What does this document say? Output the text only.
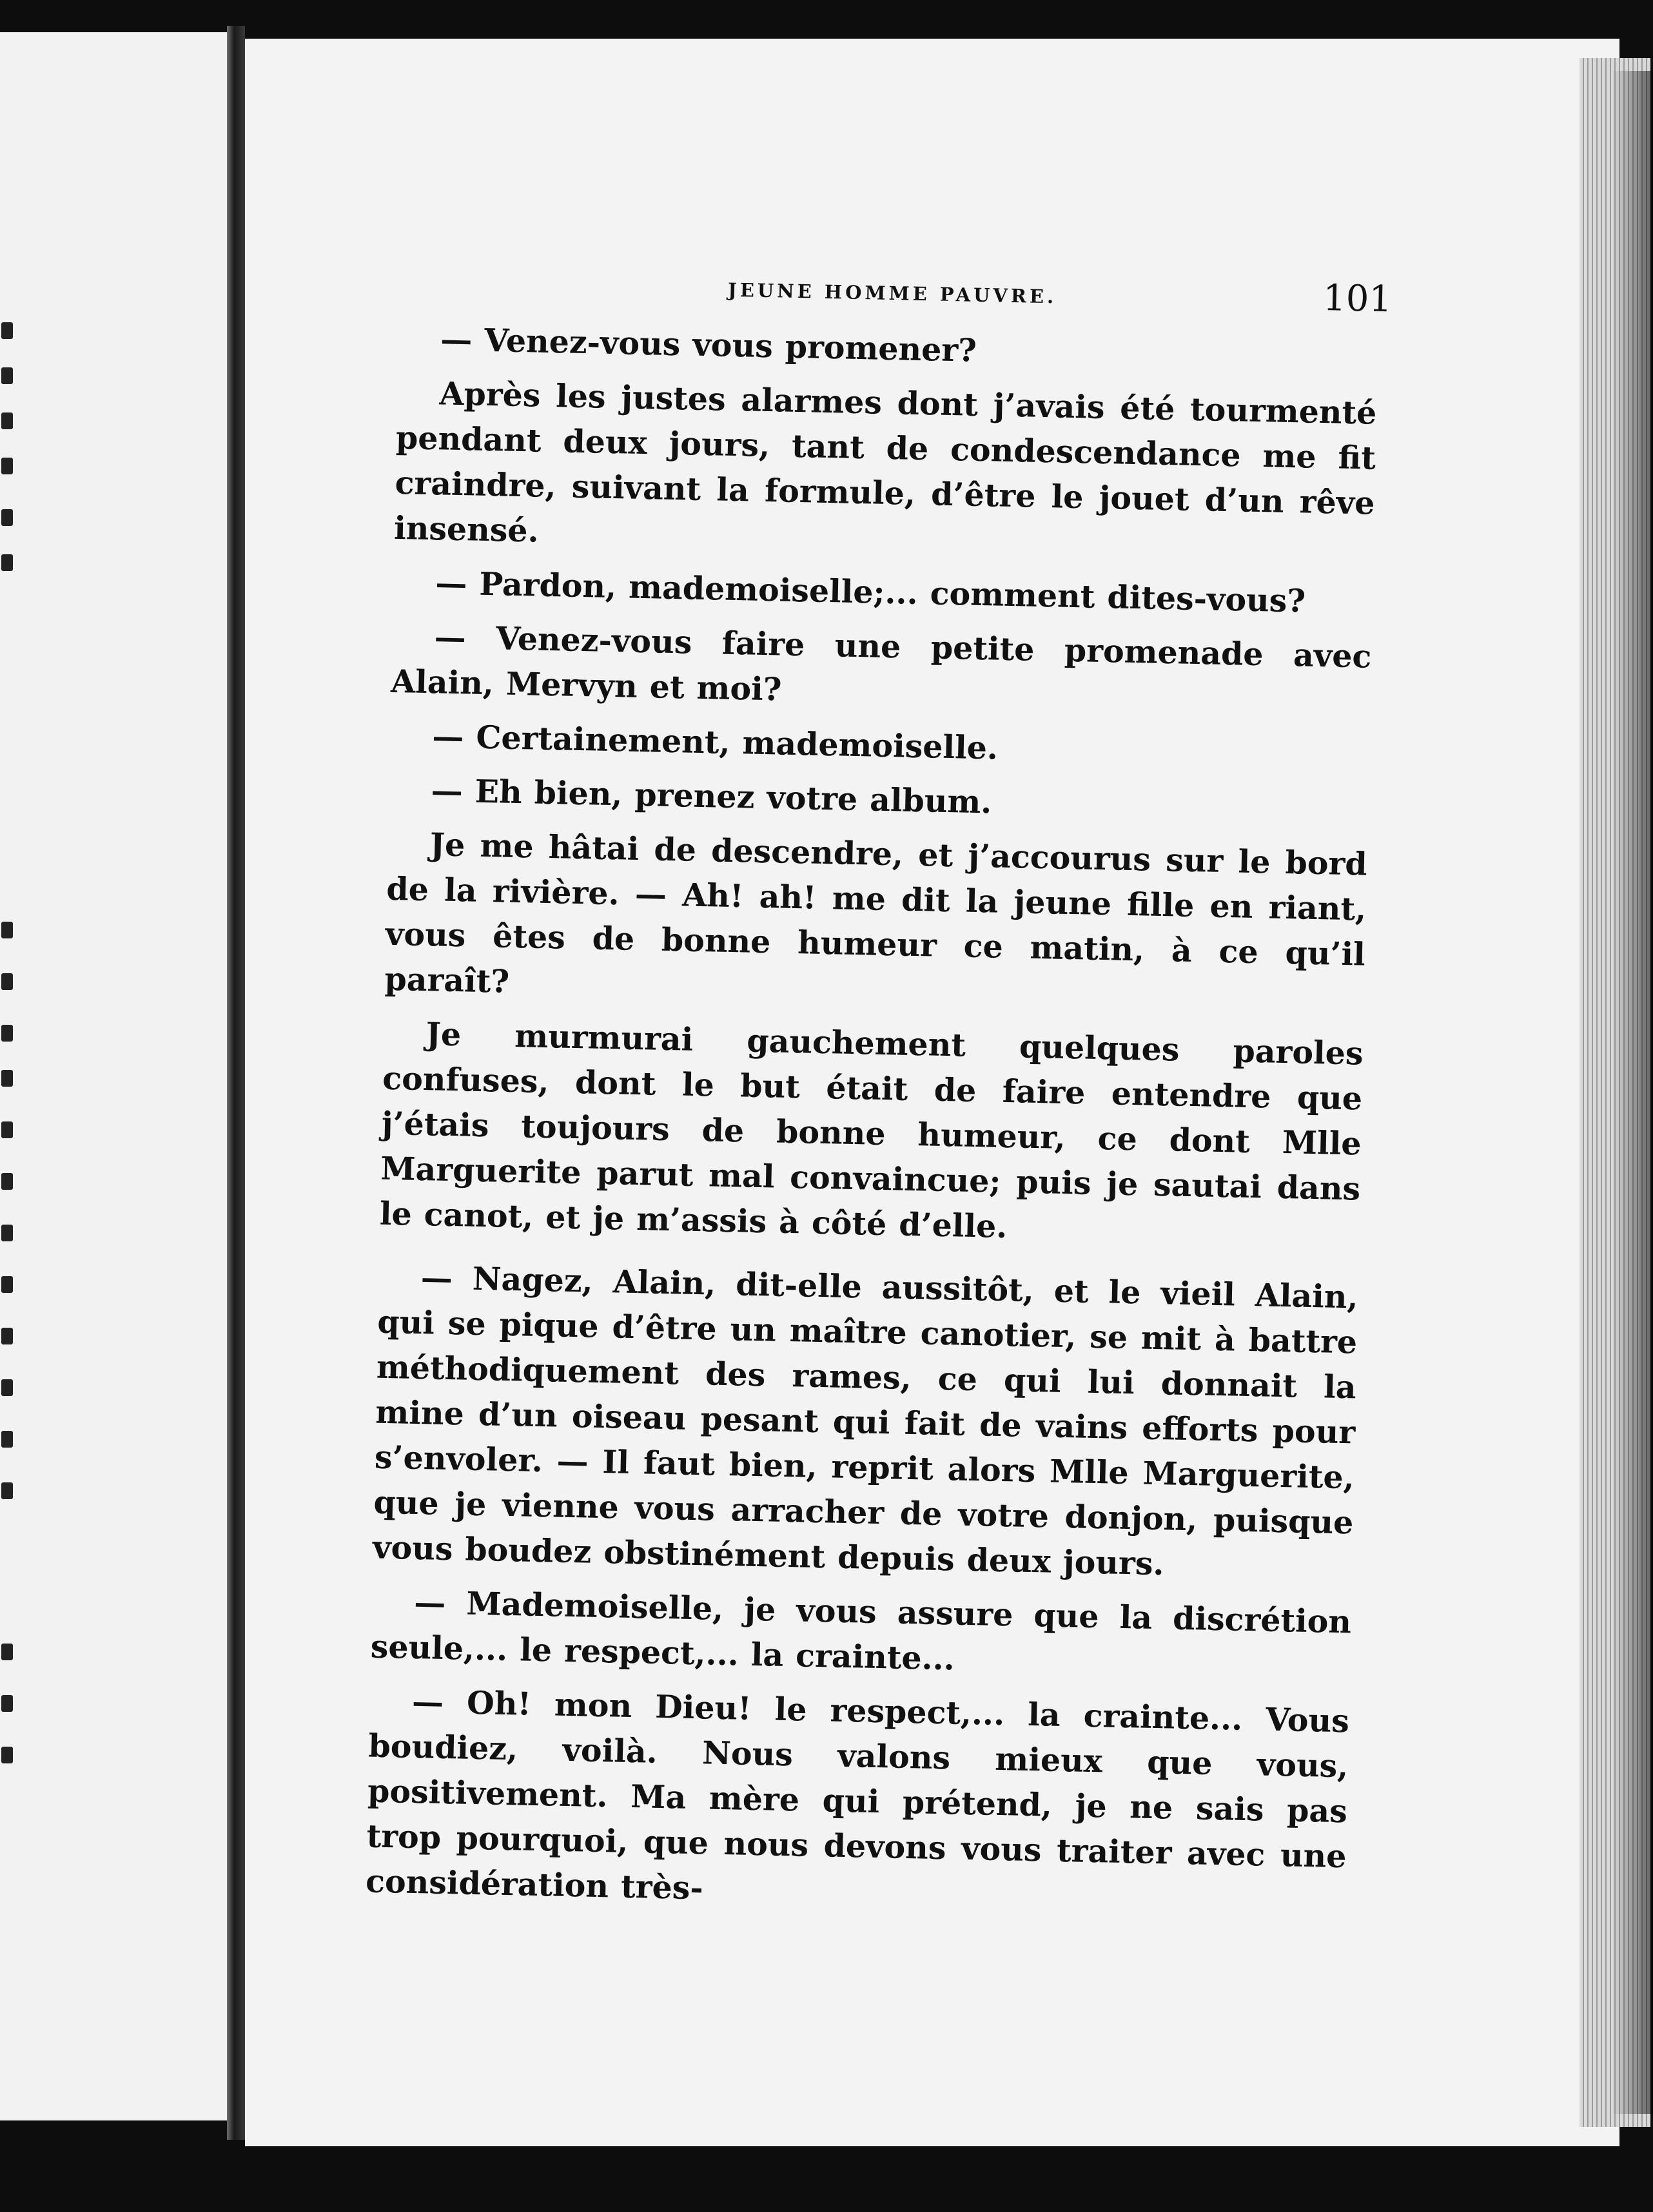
JEUNE HOMME PAUVRE.	101

— Venez-vous vous promener?

Après les justes alarmes dont j’avais été tourmenté pendant deux jours, tant de condescendance me fit craindre, suivant la formule, d’être le jouet d’un rêve insensé.

— Pardon, mademoiselle;... comment dites-vous?

— Venez-vous faire une petite promenade avec Alain, Mervyn et moi?

— Certainement, mademoiselle.

— Eh bien, prenez votre album.

Je me hâtai de descendre, et j’accourus sur le bord de la rivière. — Ah! ah! me dit la jeune fille en riant, vous êtes de bonne humeur ce matin, à ce qu’il paraît?

Je murmurai gauchement quelques paroles confuses, dont le but était de faire entendre que j’étais toujours de bonne humeur, ce dont Mlle Marguerite parut mal convaincue; puis je sautai dans le canot, et je m’assis à côté d’elle.

— Nagez, Alain, dit-elle aussitôt, et le vieil Alain, qui se pique d’être un maître canotier, se mit à battre méthodiquement des rames, ce qui lui donnait la mine d’un oiseau pesant qui fait de vains efforts pour s’envoler. — Il faut bien, reprit alors Mlle Marguerite, que je vienne vous arracher de votre donjon, puisque vous boudez obstinément depuis deux jours.

— Mademoiselle, je vous assure que la discrétion seule,... le respect,... la crainte...

— Oh! mon Dieu! le respect,... la crainte... Vous boudiez, voilà. Nous valons mieux que vous, positivement. Ma mère qui prétend, je ne sais pas trop pourquoi, que nous devons vous traiter avec une considération très-
